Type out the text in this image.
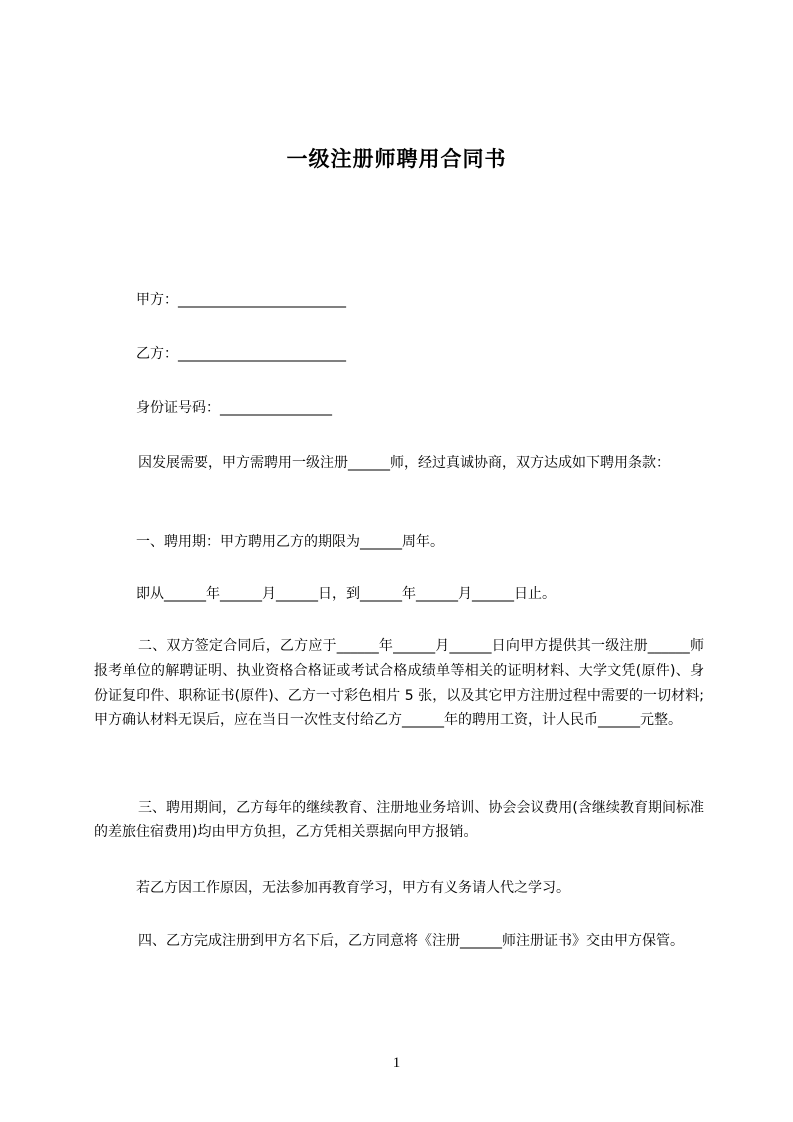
一级注册师聘用合同书
甲方：________________________
乙方：________________________
身份证号码：________________
因发展需要，甲方需聘用一级注册______师，经过真诚协商，双方达成如下聘用条款：
一、聘用期：甲方聘用乙方的期限为______周年。
即从______年______月______日，到______年______月______日止。
二、双方签定合同后，乙方应于______年______月______日向甲方提供其一级注册______师报考单位的解聘证明、执业资格合格证或考试合格成绩单等相关的证明材料、大学文凭(原件)、身份证复印件、职称证书(原件)、乙方一寸彩色相片 5 张，以及其它甲方注册过程中需要的一切材料;甲方确认材料无误后，应在当日一次性支付给乙方______年的聘用工资，计人民币______元整。
三、聘用期间，乙方每年的继续教育、注册地业务培训、协会会议费用(含继续教育期间标准的差旅住宿费用)均由甲方负担，乙方凭相关票据向甲方报销。
若乙方因工作原因，无法参加再教育学习，甲方有义务请人代之学习。
四、乙方完成注册到甲方名下后，乙方同意将《注册______师注册证书》交由甲方保管。
1
